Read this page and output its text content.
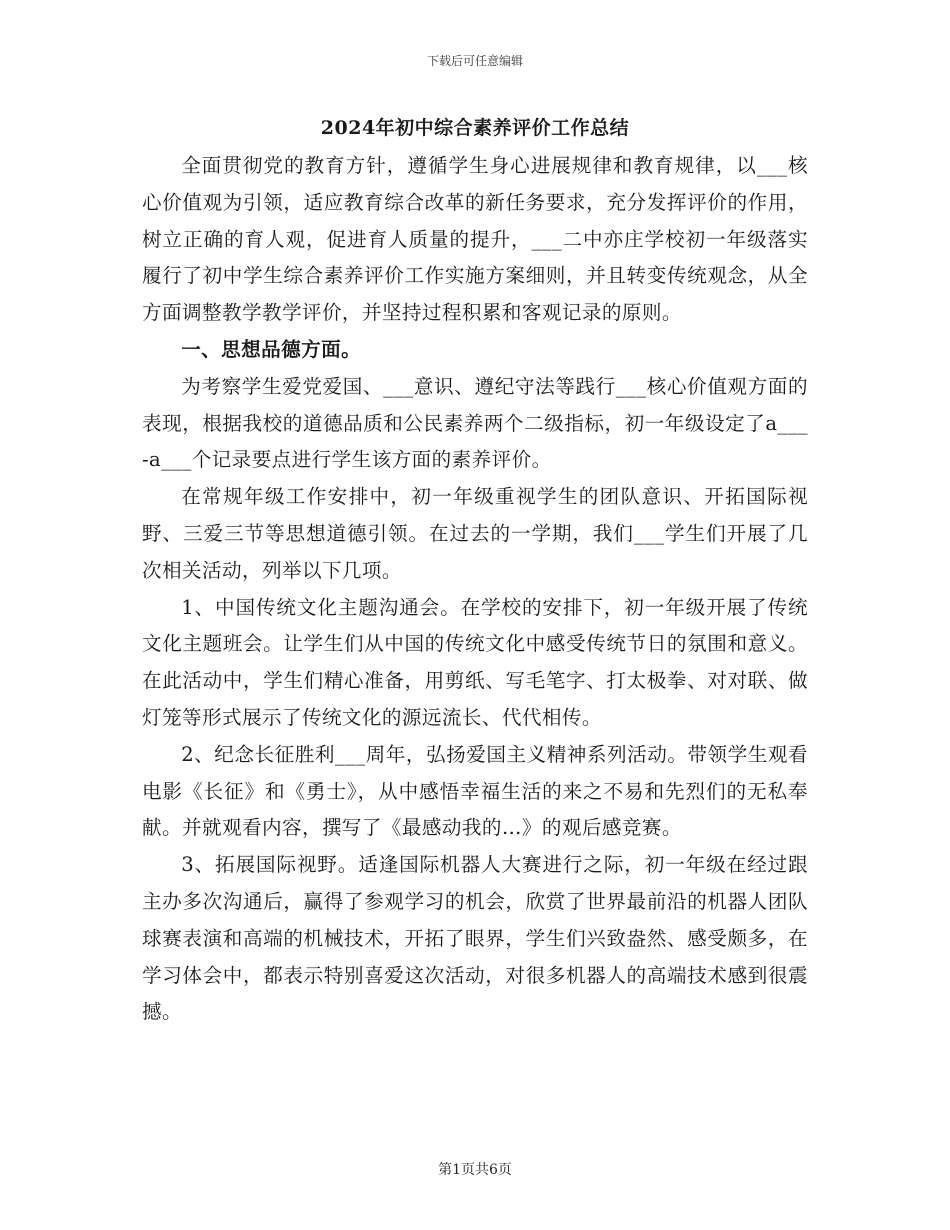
下载后可任意编辑
2024年初中综合素养评价工作总结

全面贯彻党的教育方针，遵循学生身心进展规律和教育规律，以___核心价值观为引领，适应教育综合改革的新任务要求，充分发挥评价的作用，树立正确的育人观，促进育人质量的提升，___二中亦庄学校初一年级落实履行了初中学生综合素养评价工作实施方案细则，并且转变传统观念，从全方面调整教学教学评价，并坚持过程积累和客观记录的原则。

一、思想品德方面。

为考察学生爱党爱国、___意识、遵纪守法等践行___核心价值观方面的表现，根据我校的道德品质和公民素养两个二级指标，初一年级设定了a___-a___个记录要点进行学生该方面的素养评价。

在常规年级工作安排中，初一年级重视学生的团队意识、开拓国际视野、三爱三节等思想道德引领。在过去的一学期，我们___学生们开展了几次相关活动，列举以下几项。

1、中国传统文化主题沟通会。在学校的安排下，初一年级开展了传统文化主题班会。让学生们从中国的传统文化中感受传统节日的氛围和意义。在此活动中，学生们精心准备，用剪纸、写毛笔字、打太极拳、对对联、做灯笼等形式展示了传统文化的源远流长、代代相传。

2、纪念长征胜利___周年，弘扬爱国主义精神系列活动。带领学生观看电影《长征》和《勇士》，从中感悟幸福生活的来之不易和先烈们的无私奉献。并就观看内容，撰写了《最感动我的…》的观后感竞赛。

3、拓展国际视野。适逢国际机器人大赛进行之际，初一年级在经过跟主办多次沟通后，赢得了参观学习的机会，欣赏了世界最前沿的机器人团队球赛表演和高端的机械技术，开拓了眼界，学生们兴致盎然、感受颇多，在学习体会中，都表示特别喜爱这次活动，对很多机器人的高端技术感到很震撼。

第1页共6页
